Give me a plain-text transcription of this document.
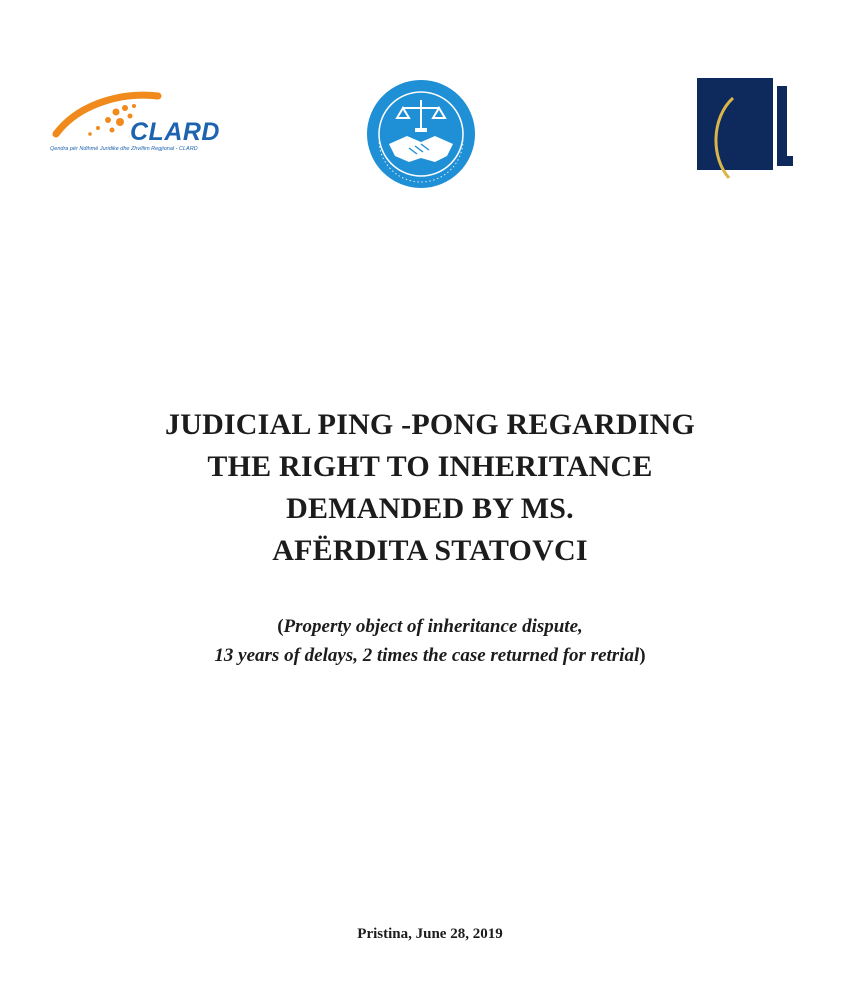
CLARD
Qendra për Ndihmë Juridike dhe Zhvillim Regjional - CLARD
JUDICIAL PING -PONG REGARDING
THE RIGHT TO INHERITANCE
DEMANDED BY MS.
AFËRDITA STATOVCI
(Property object of inheritance dispute,
13 years of delays, 2 times the case returned for retrial)
Pristina, June 28, 2019
